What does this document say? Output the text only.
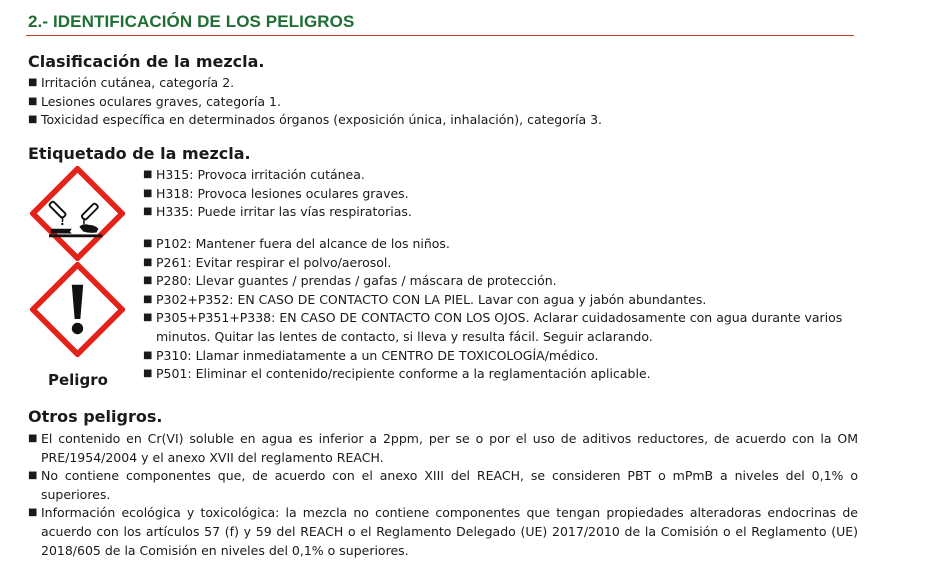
2.- IDENTIFICACIÓN DE LOS PELIGROS
Clasificación de la mezcla.
■ Irritación cutánea, categoría 2.
■ Lesiones oculares graves, categoría 1.
■ Toxicidad específica en determinados órganos (exposición única, inhalación), categoría 3.
Etiquetado de la mezcla.
Peligro
■ H315: Provoca irritación cutánea.
■ H318: Provoca lesiones oculares graves.
■ H335: Puede irritar las vías respiratorias.
■ P102: Mantener fuera del alcance de los niños.
■ P261: Evitar respirar el polvo/aerosol.
■ P280: Llevar guantes / prendas / gafas / máscara de protección.
■ P302+P352: EN CASO DE CONTACTO CON LA PIEL. Lavar con agua y jabón abundantes.
■ P305+P351+P338: EN CASO DE CONTACTO CON LOS OJOS. Aclarar cuidadosamente con agua durante varios minutos. Quitar las lentes de contacto, si lleva y resulta fácil. Seguir aclarando.
■ P310: Llamar inmediatamente a un CENTRO DE TOXICOLOGÍA/médico.
■ P501: Eliminar el contenido/recipiente conforme a la reglamentación aplicable.
Otros peligros.
■ El contenido en Cr(VI) soluble en agua es inferior a 2ppm, per se o por el uso de aditivos reductores, de acuerdo con la OM PRE/1954/2004 y el anexo XVII del reglamento REACH.
■ No contiene componentes que, de acuerdo con el anexo XIII del REACH, se consideren PBT o mPmB a niveles del 0,1% o superiores.
■ Información ecológica y toxicológica: la mezcla no contiene componentes que tengan propiedades alteradoras endocrinas de acuerdo con los artículos 57 (f) y 59 del REACH o el Reglamento Delegado (UE) 2017/2010 de la Comisión o el Reglamento (UE) 2018/605 de la Comisión en niveles del 0,1% o superiores.
